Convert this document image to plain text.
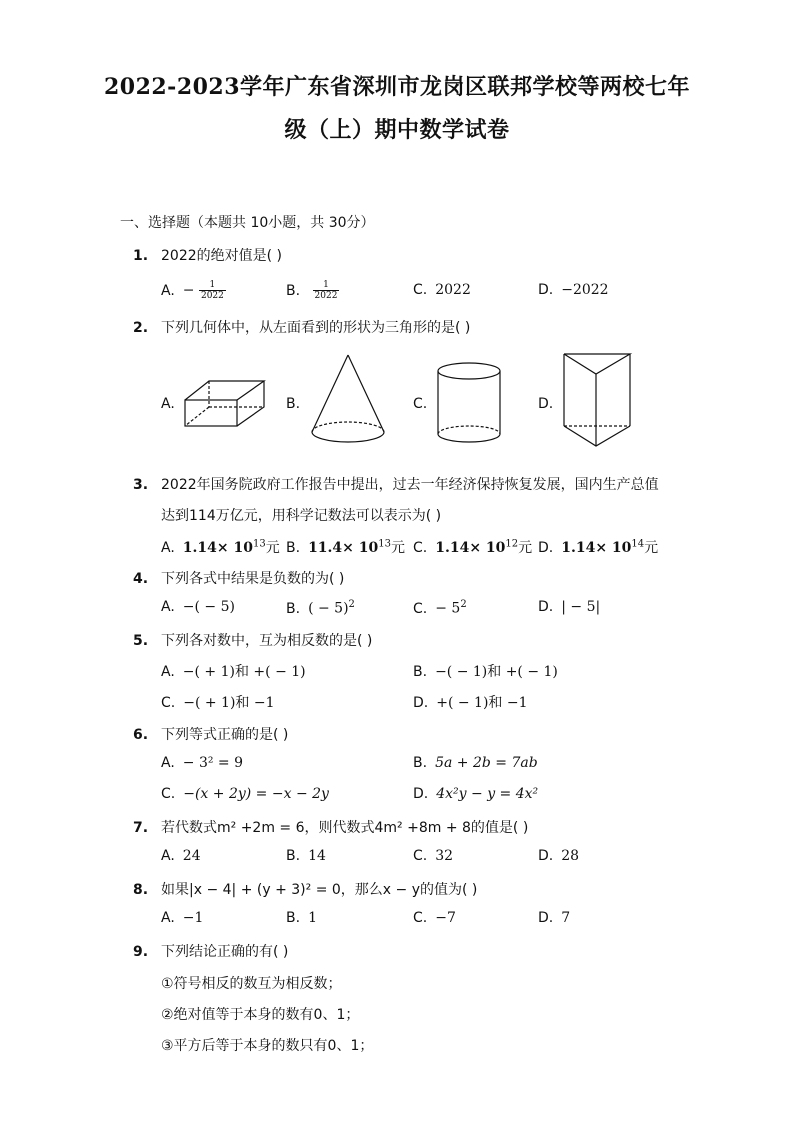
2022-2023学年广东省深圳市龙岗区联邦学校等两校七年
级（上）期中数学试卷
一、选择题（本题共 10小题，共 30分）
1. 2022的绝对值是( )
A. − $\frac{1}{2022}$	B. $\frac{1}{2022}$	C. 2022	D. −2022
2. 下列几何体中，从左面看到的形状为三角形的是( )
A.	B.	C.	D.
3. 2022年国务院政府工作报告中提出，过去一年经济保持恢复发展，国内生产总值
达到114万亿元，用科学记数法可以表示为( )
A. $1.14\times 10^{13}$元 B. $11.4\times 10^{13}$元 C. $1.14\times 10^{12}$元 D. $1.14\times 10^{14}$元
4. 下列各式中结果是负数的为( )
A. −( − 5)	B. ( − 5)$^2$	C. − $5^2$	D. | − 5|
5. 下列各对数中，互为相反数的是( )
A. −( + 1)和 +( − 1)	B. −( − 1)和 +( − 1)
C. −( + 1)和 −1	D. +( − 1)和 −1
6. 下列等式正确的是( )
A. − 3² = 9	B. 5a + 2b = 7ab
C. −(x + 2y) = −x − 2y	D. 4x²y − y = 4x²
7. 若代数式m² +2m = 6，则代数式4m² +8m + 8的值是( )
A. 24	B. 14	C. 32	D. 28
8. 如果|x − 4| + (y + 3)² = 0，那么x − y的值为( )
A. −1	B. 1	C. −7	D. 7
9. 下列结论正确的有( )
①符号相反的数互为相反数；
②绝对值等于本身的数有0、1；
③平方后等于本身的数只有0、1；
